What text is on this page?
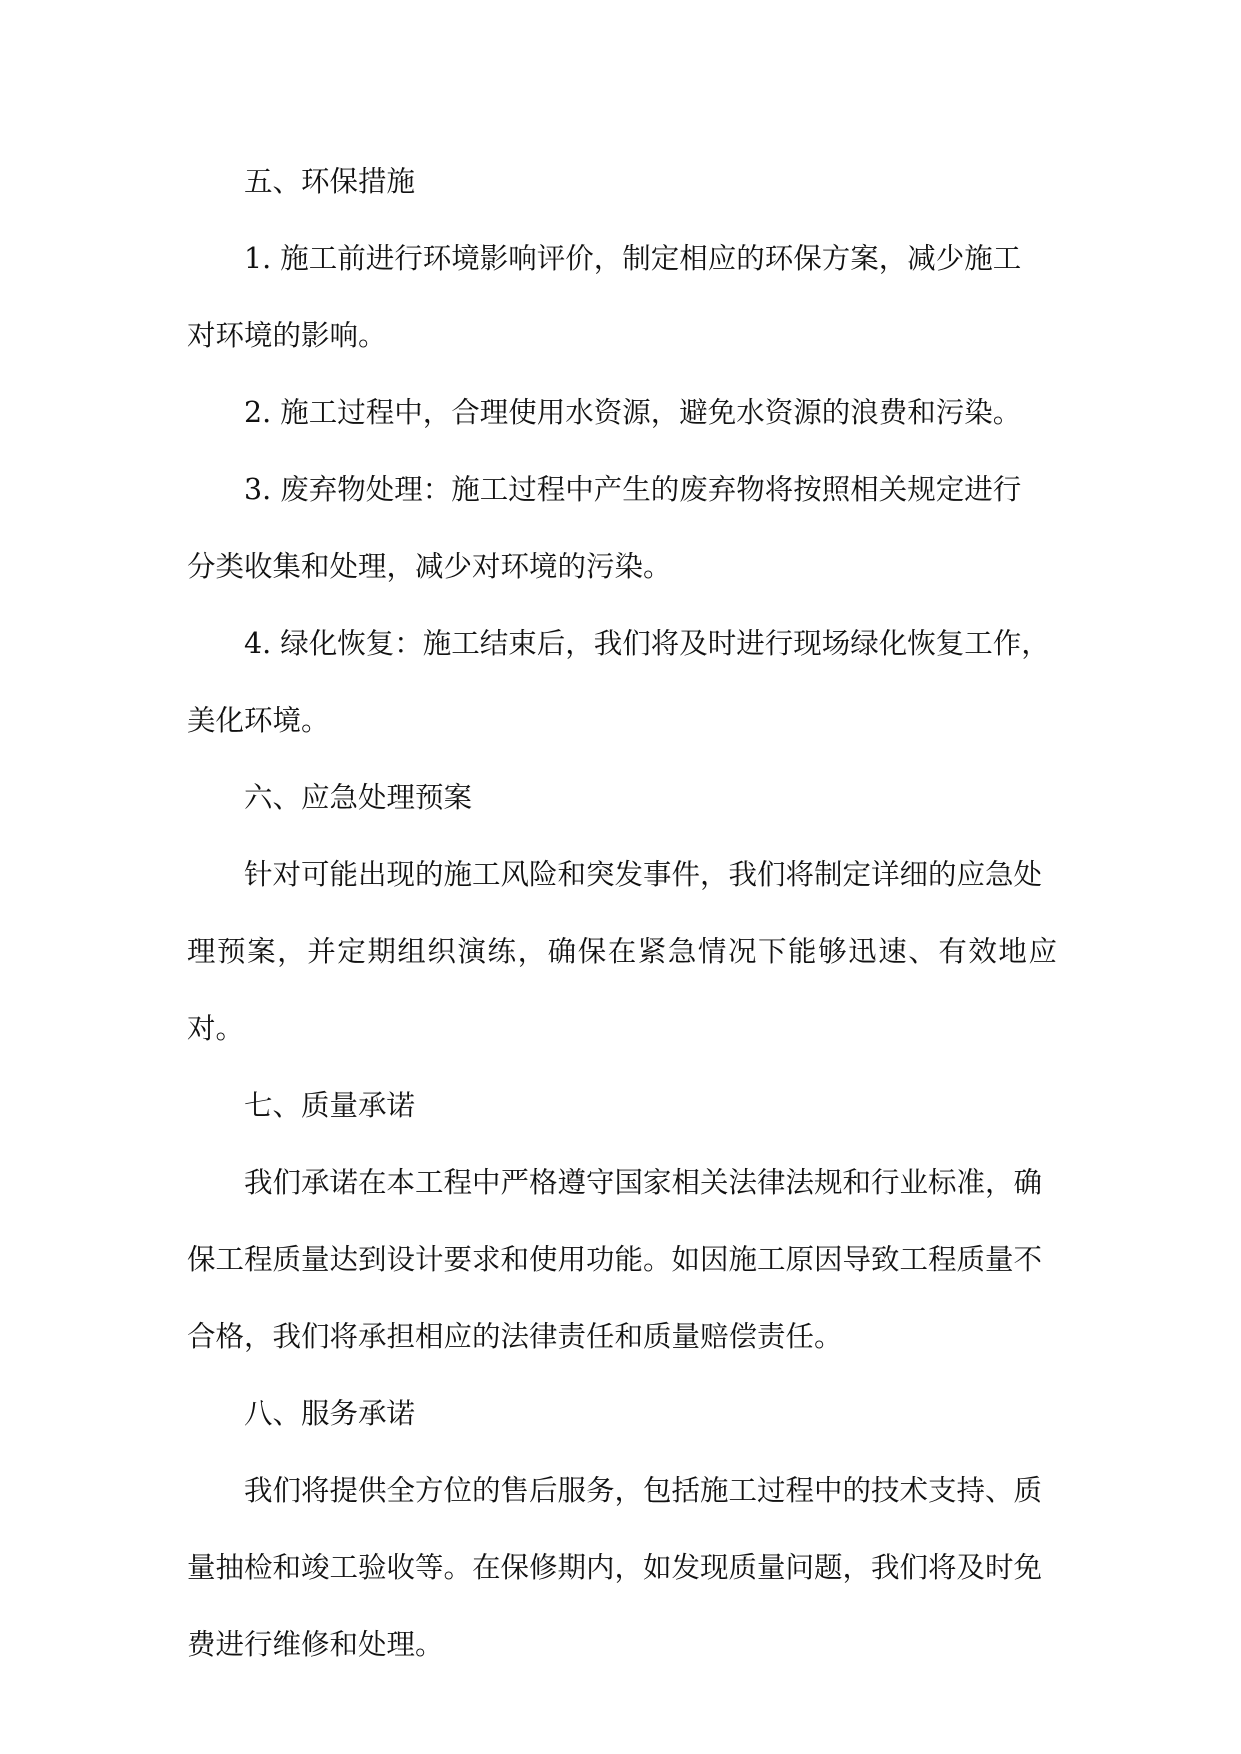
五、环保措施
1. 施工前进行环境影响评价，制定相应的环保方案，减少施工
对环境的影响。
2. 施工过程中，合理使用水资源，避免水资源的浪费和污染。
3. 废弃物处理：施工过程中产生的废弃物将按照相关规定进行
分类收集和处理，减少对环境的污染。
4. 绿化恢复：施工结束后，我们将及时进行现场绿化恢复工作，
美化环境。
六、应急处理预案
针对可能出现的施工风险和突发事件，我们将制定详细的应急处
理预案，并定期组织演练，确保在紧急情况下能够迅速、有效地应对。
七、质量承诺
我们承诺在本工程中严格遵守国家相关法律法规和行业标准，确
保工程质量达到设计要求和使用功能。如因施工原因导致工程质量不
合格，我们将承担相应的法律责任和质量赔偿责任。
八、服务承诺
我们将提供全方位的售后服务，包括施工过程中的技术支持、质
量抽检和竣工验收等。在保修期内，如发现质量问题，我们将及时免
费进行维修和处理。
